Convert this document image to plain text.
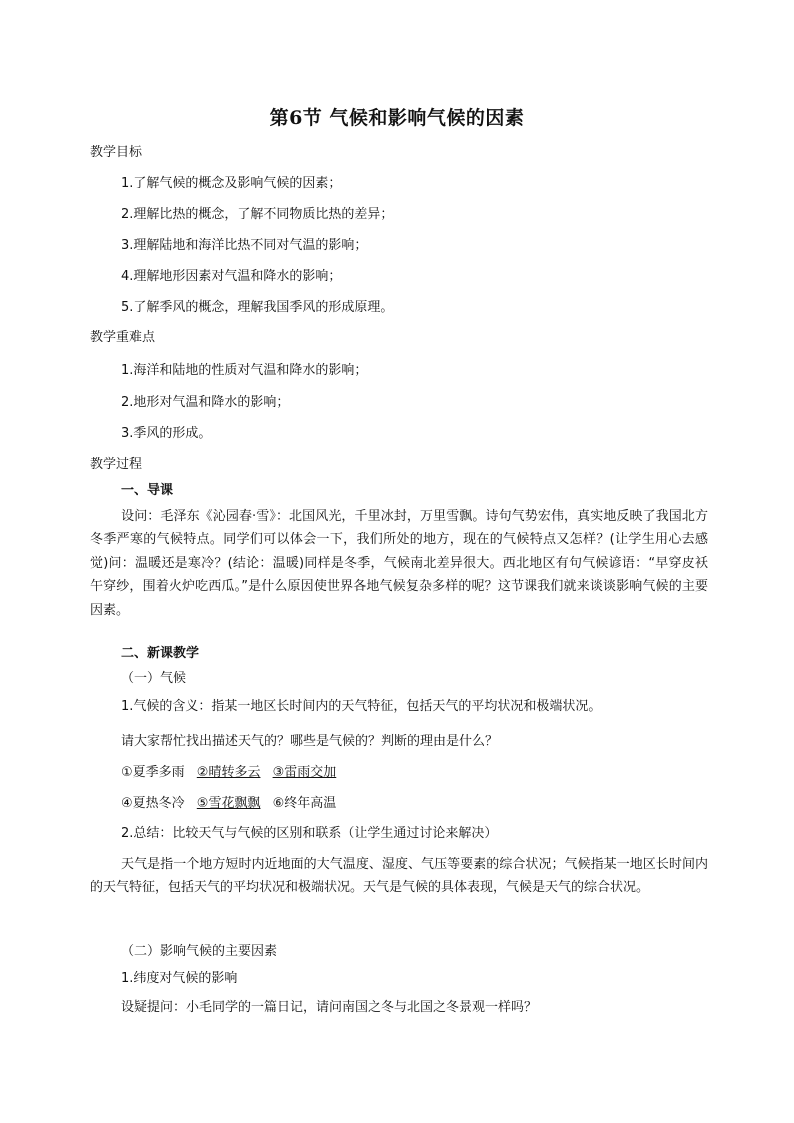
第6节 气候和影响气候的因素
教学目标
1.了解气候的概念及影响气候的因素；
2.理解比热的概念，了解不同物质比热的差异；
3.理解陆地和海洋比热不同对气温的影响；
4.理解地形因素对气温和降水的影响；
5.了解季风的概念，理解我国季风的形成原理。
教学重难点
1.海洋和陆地的性质对气温和降水的影响；
2.地形对气温和降水的影响；
3.季风的形成。
教学过程
一、导课
设问：毛泽东《沁园春·雪》：北国风光，千里冰封，万里雪飘。诗句气势宏伟，真实地反映了我国北方冬季严寒的气候特点。同学们可以体会一下，我们所处的地方，现在的气候特点又怎样？(让学生用心去感觉)问：温暖还是寒冷？(结论：温暖)同样是冬季，气候南北差异很大。西北地区有句气候谚语：“早穿皮袄午穿纱，围着火炉吃西瓜。”是什么原因使世界各地气候复杂多样的呢？这节课我们就来谈谈影响气候的主要因素。
二、新课教学
（一）气候
1.气候的含义：指某一地区长时间内的天气特征，包括天气的平均状况和极端状况。
请大家帮忙找出描述天气的？哪些是气候的？判断的理由是什么？
①夏季多雨 ②晴转多云 ③雷雨交加
④夏热冬冷 ⑤雪花飘飘 ⑥终年高温
2.总结：比较天气与气候的区别和联系（让学生通过讨论来解决）
天气是指一个地方短时内近地面的大气温度、湿度、气压等要素的综合状况；气候指某一地区长时间内的天气特征，包括天气的平均状况和极端状况。天气是气候的具体表现，气候是天气的综合状况。
（二）影响气候的主要因素
1.纬度对气候的影响
设疑提问：小毛同学的一篇日记，请问南国之冬与北国之冬景观一样吗？
